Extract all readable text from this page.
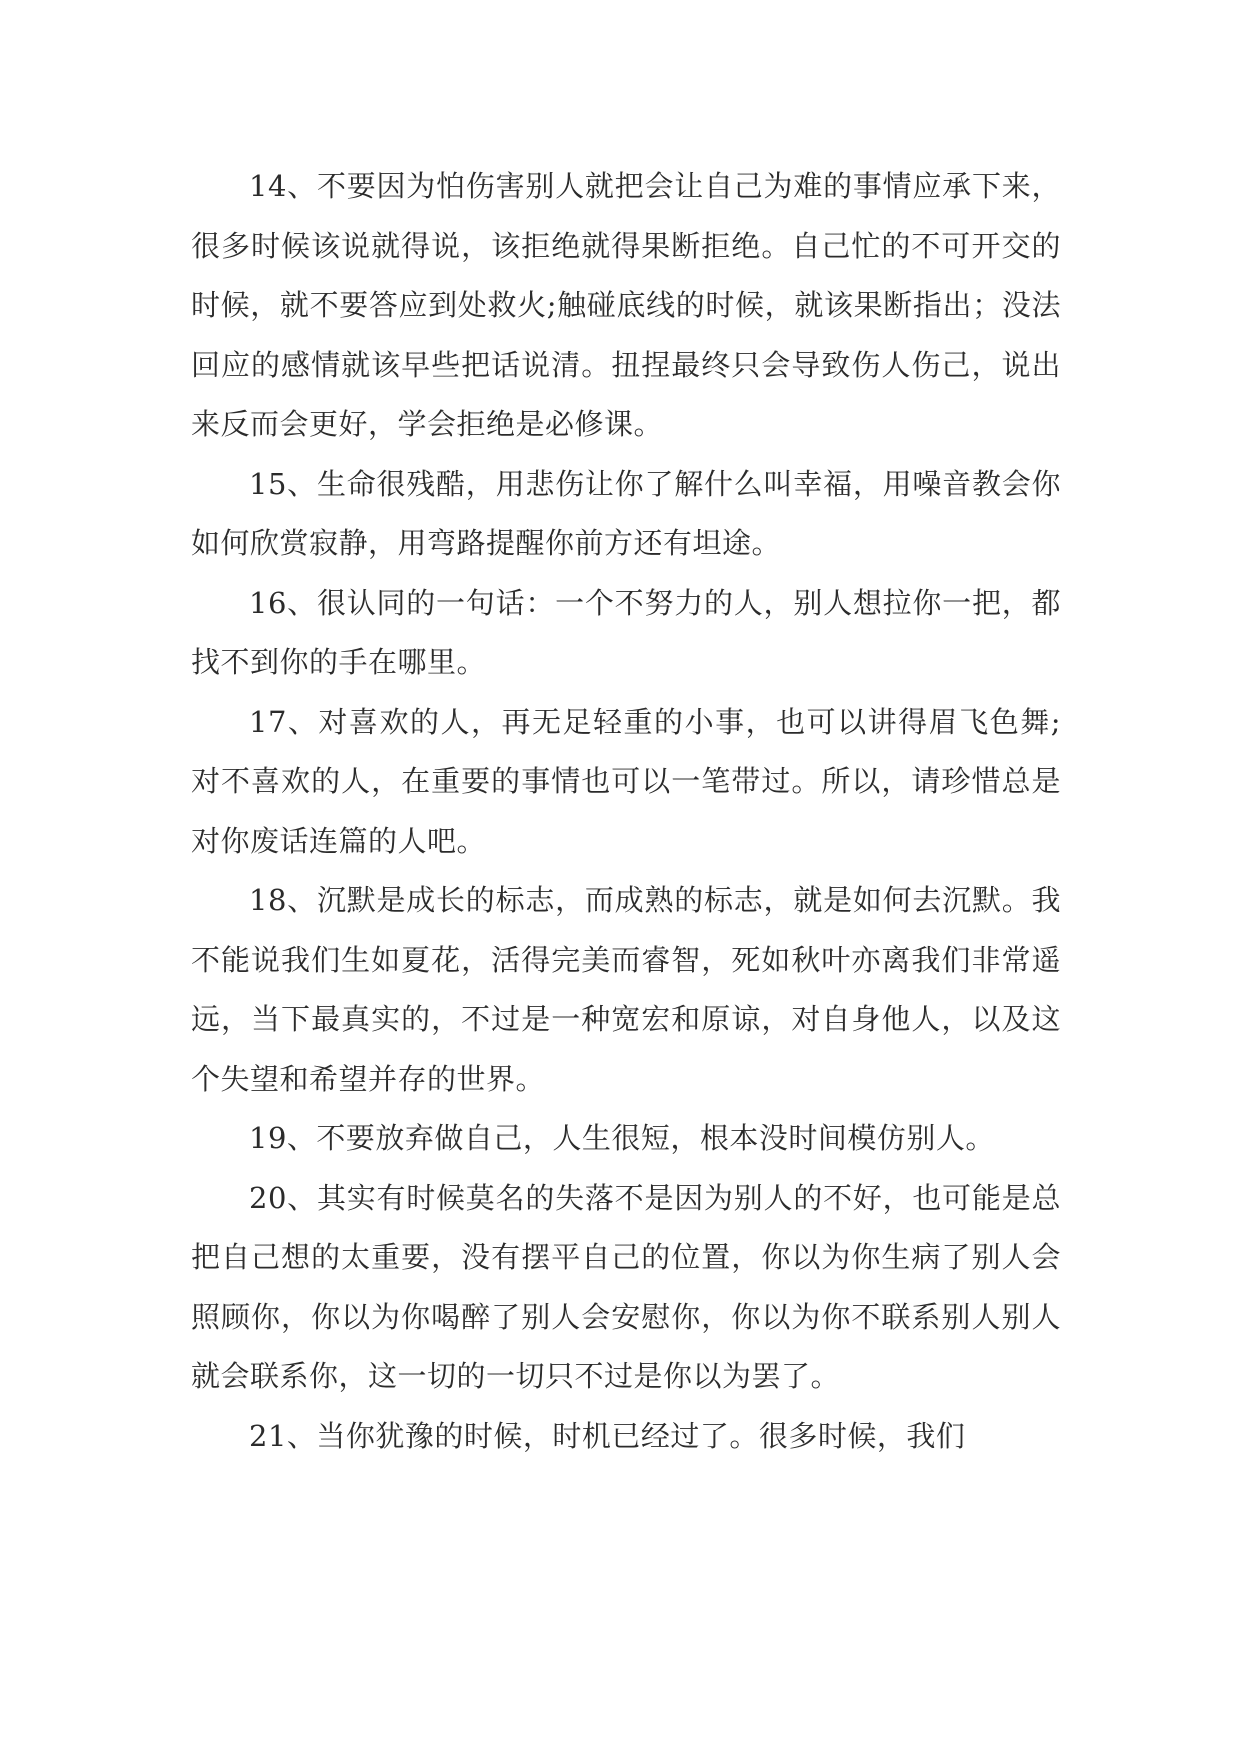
14、不要因为怕伤害别人就把会让自己为难的事情应承下来，很多时候该说就得说，该拒绝就得果断拒绝。自己忙的不可开交的时候，就不要答应到处救火;触碰底线的时候，就该果断指出；没法回应的感情就该早些把话说清。扭捏最终只会导致伤人伤己，说出来反而会更好，学会拒绝是必修课。

15、生命很残酷，用悲伤让你了解什么叫幸福，用噪音教会你如何欣赏寂静，用弯路提醒你前方还有坦途。

16、很认同的一句话：一个不努力的人，别人想拉你一把，都找不到你的手在哪里。

17、对喜欢的人，再无足轻重的小事，也可以讲得眉飞色舞;对不喜欢的人，在重要的事情也可以一笔带过。所以，请珍惜总是对你废话连篇的人吧。

18、沉默是成长的标志，而成熟的标志，就是如何去沉默。我不能说我们生如夏花，活得完美而睿智，死如秋叶亦离我们非常遥远，当下最真实的，不过是一种宽宏和原谅，对自身他人，以及这个失望和希望并存的世界。

19、不要放弃做自己，人生很短，根本没时间模仿别人。

20、其实有时候莫名的失落不是因为别人的不好，也可能是总把自己想的太重要，没有摆平自己的位置，你以为你生病了别人会照顾你，你以为你喝醉了别人会安慰你，你以为你不联系别人别人就会联系你，这一切的一切只不过是你以为罢了。

21、当你犹豫的时候，时机已经过了。很多时候，我们
